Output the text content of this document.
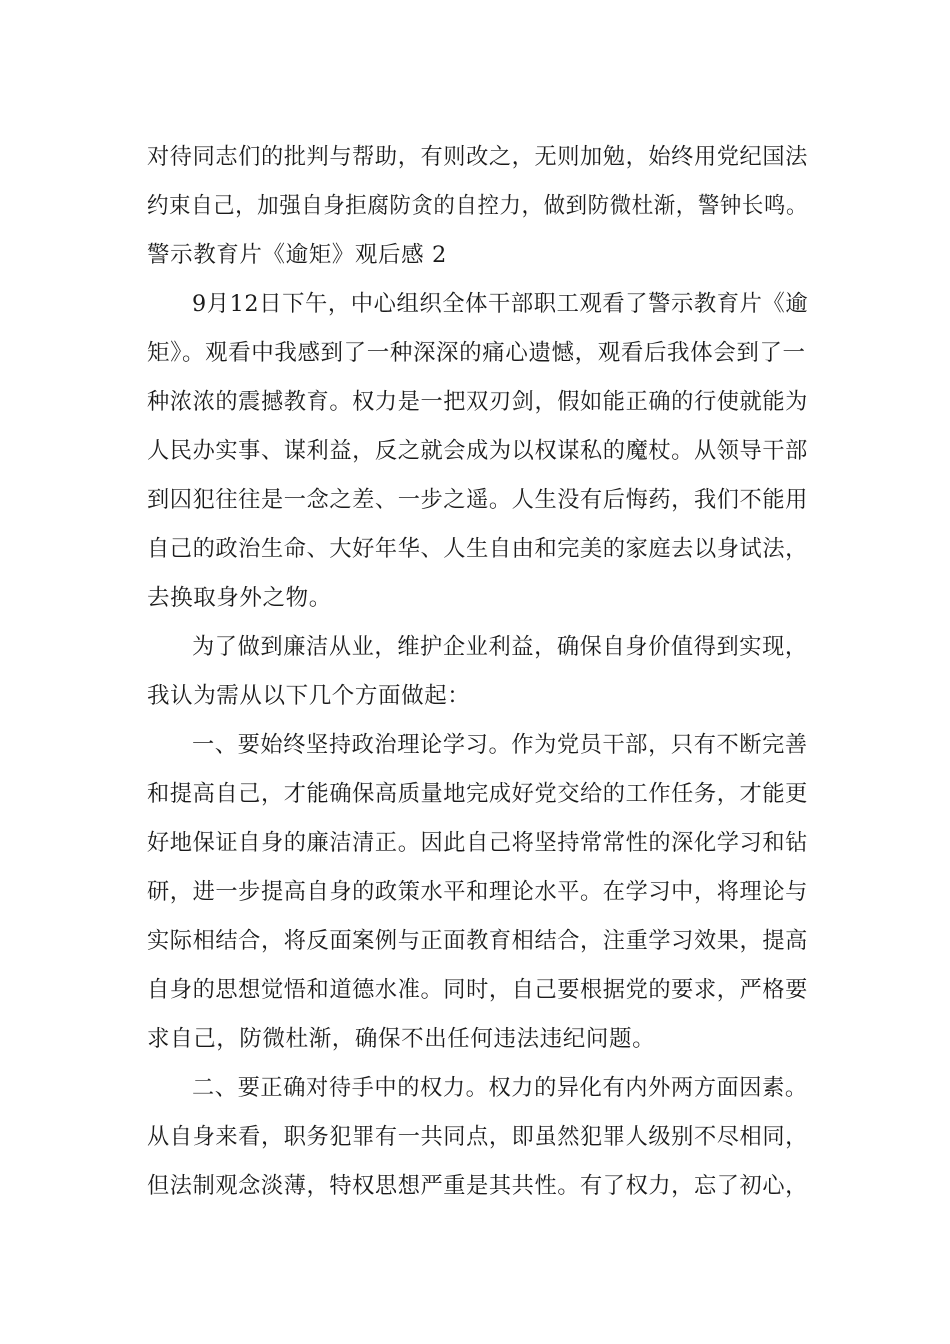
对待同志们的批判与帮助，有则改之，无则加勉，始终用党纪国法
约束自己，加强自身拒腐防贪的自控力，做到防微杜渐，警钟长鸣。
警示教育片《逾矩》观后感 2
9月12日下午，中心组织全体干部职工观看了警示教育片《逾
矩》。观看中我感到了一种深深的痛心遗憾，观看后我体会到了一
种浓浓的震撼教育。权力是一把双刃剑，假如能正确的行使就能为
人民办实事、谋利益，反之就会成为以权谋私的魔杖。从领导干部
到囚犯往往是一念之差、一步之遥。人生没有后悔药，我们不能用
自己的政治生命、大好年华、人生自由和完美的家庭去以身试法，
去换取身外之物。
为了做到廉洁从业，维护企业利益，确保自身价值得到实现，
我认为需从以下几个方面做起：
一、要始终坚持政治理论学习。作为党员干部，只有不断完善
和提高自己，才能确保高质量地完成好党交给的工作任务，才能更
好地保证自身的廉洁清正。因此自己将坚持常常性的深化学习和钻
研，进一步提高自身的政策水平和理论水平。在学习中，将理论与
实际相结合，将反面案例与正面教育相结合，注重学习效果，提高
自身的思想觉悟和道德水准。同时，自己要根据党的要求，严格要
求自己，防微杜渐，确保不出任何违法违纪问题。
二、要正确对待手中的权力。权力的异化有内外两方面因素。
从自身来看，职务犯罪有一共同点，即虽然犯罪人级别不尽相同，
但法制观念淡薄，特权思想严重是其共性。有了权力，忘了初心，
